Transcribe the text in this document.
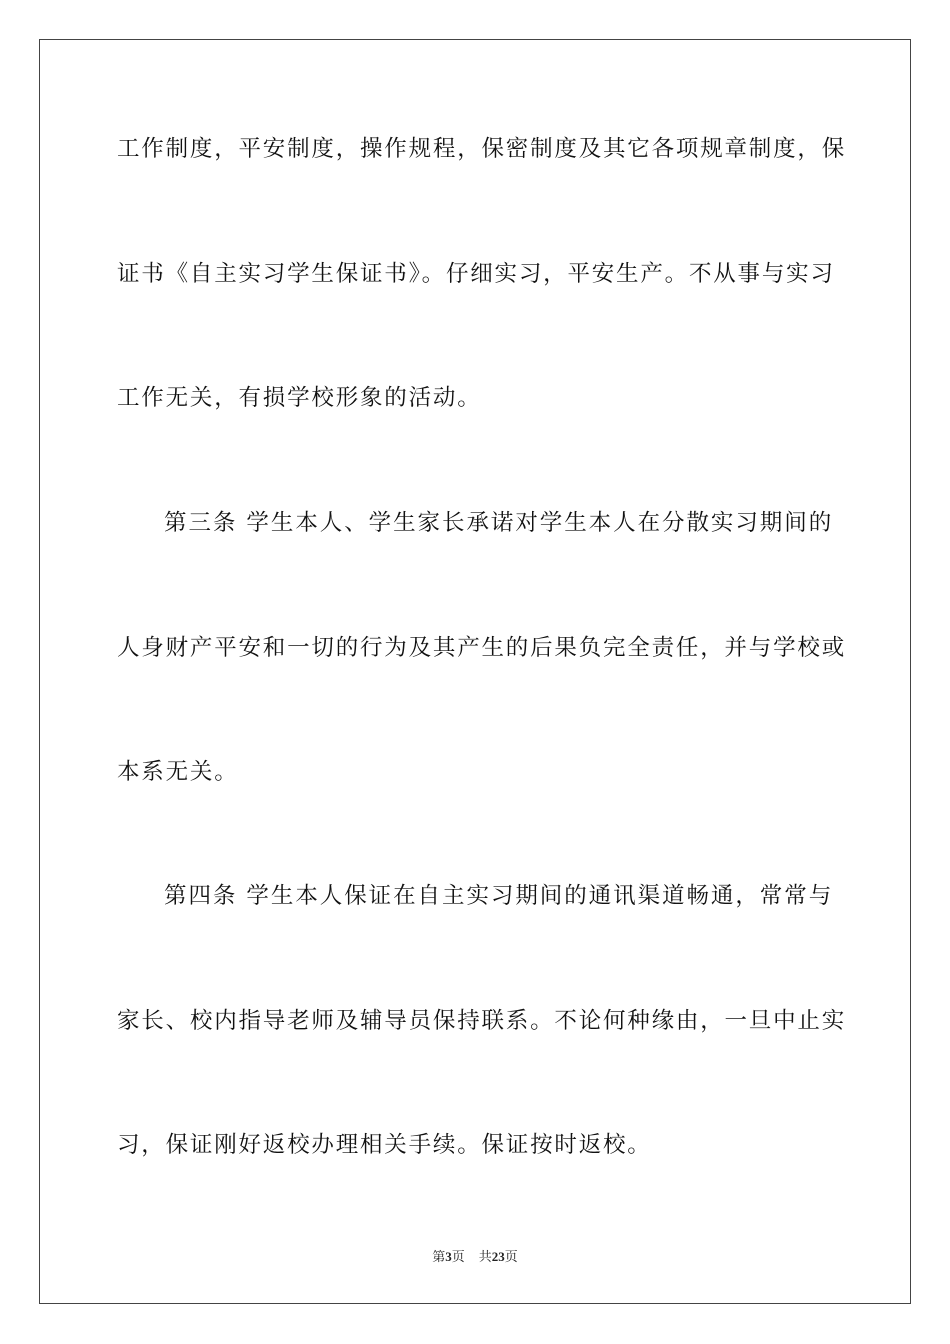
工作制度，平安制度，操作规程，保密制度及其它各项规章制度，保
证书《自主实习学生保证书》。仔细实习，平安生产。不从事与实习
工作无关，有损学校形象的活动。
第三条 学生本人、学生家长承诺对学生本人在分散实习期间的
人身财产平安和一切的行为及其产生的后果负完全责任，并与学校或
本系无关。
第四条 学生本人保证在自主实习期间的通讯渠道畅通，常常与
家长、校内指导老师及辅导员保持联系。不论何种缘由，一旦中止实
习，保证刚好返校办理相关手续。保证按时返校。
第3页 共23页
